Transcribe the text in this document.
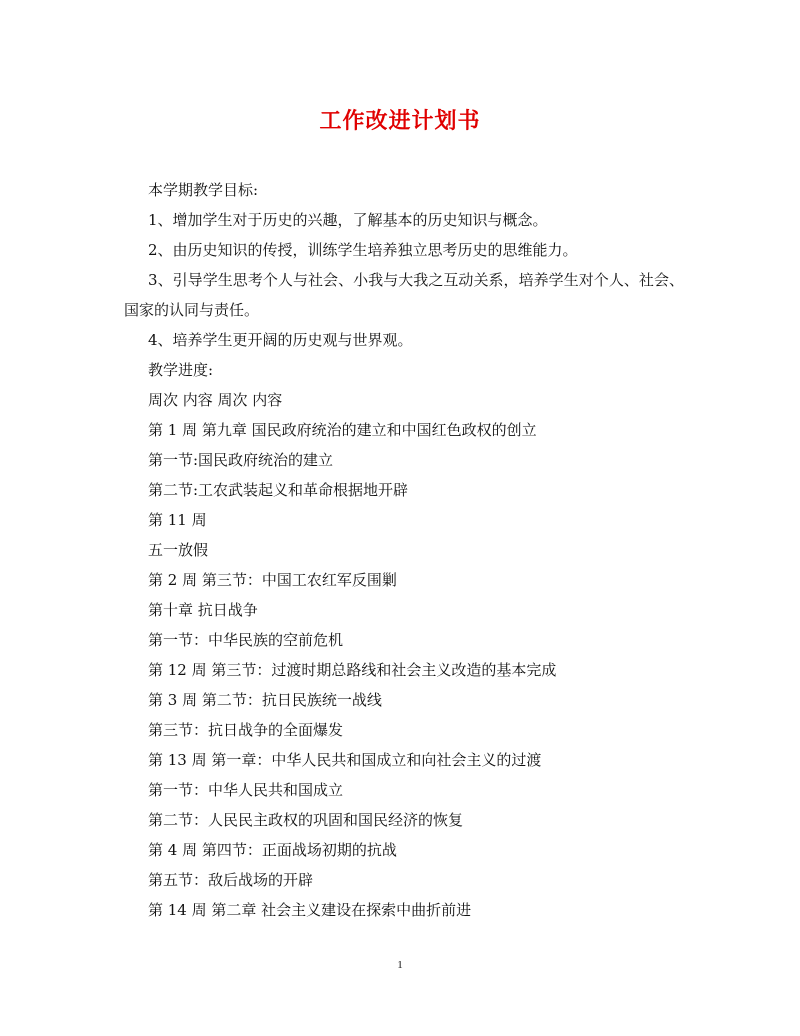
工作改进计划书
本学期教学目标:
1、增加学生对于历史的兴趣，了解基本的历史知识与概念。
2、由历史知识的传授，训练学生培养独立思考历史的思维能力。
3、引导学生思考个人与社会、小我与大我之互动关系，培养学生对个人、社会、国家的认同与责任。
4、培养学生更开阔的历史观与世界观。
教学进度:
周次 内容 周次 内容
第 1 周 第九章 国民政府统治的建立和中国红色政权的创立
第一节:国民政府统治的建立
第二节:工农武装起义和革命根据地开辟
第 11 周
五一放假
第 2 周 第三节：中国工农红军反围剿
第十章 抗日战争
第一节：中华民族的空前危机
第 12 周 第三节：过渡时期总路线和社会主义改造的基本完成
第 3 周 第二节：抗日民族统一战线
第三节：抗日战争的全面爆发
第 13 周 第一章：中华人民共和国成立和向社会主义的过渡
第一节：中华人民共和国成立
第二节：人民民主政权的巩固和国民经济的恢复
第 4 周 第四节：正面战场初期的抗战
第五节：敌后战场的开辟
第 14 周 第二章 社会主义建设在探索中曲折前进
1
